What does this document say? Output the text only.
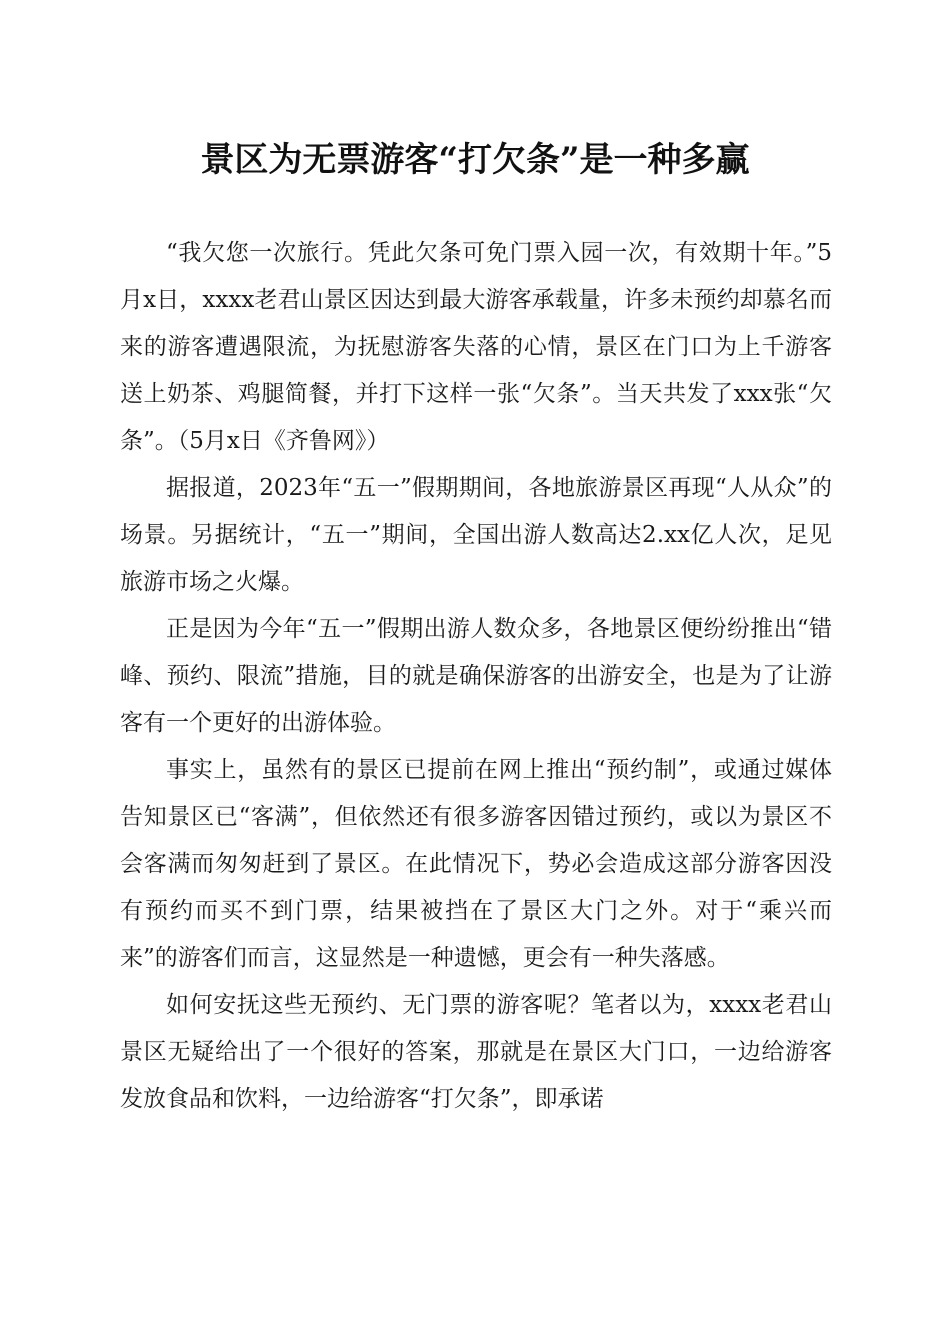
景区为无票游客“打欠条”是一种多赢

“我欠您一次旅行。凭此欠条可免门票入园一次，有效期十年。”5月x日，xxxx老君山景区因达到最大游客承载量，许多未预约却慕名而来的游客遭遇限流，为抚慰游客失落的心情，景区在门口为上千游客送上奶茶、鸡腿简餐，并打下这样一张“欠条”。当天共发了xxx张“欠条”。（5月x日《齐鲁网》）

据报道，2023年“五一”假期期间，各地旅游景区再现“人从众”的场景。另据统计，“五一”期间，全国出游人数高达2.xx亿人次，足见旅游市场之火爆。

正是因为今年“五一”假期出游人数众多，各地景区便纷纷推出“错峰、预约、限流”措施，目的就是确保游客的出游安全，也是为了让游客有一个更好的出游体验。

事实上，虽然有的景区已提前在网上推出“预约制”，或通过媒体告知景区已“客满”，但依然还有很多游客因错过预约，或以为景区不会客满而匆匆赶到了景区。在此情况下，势必会造成这部分游客因没有预约而买不到门票，结果被挡在了景区大门之外。对于“乘兴而来”的游客们而言，这显然是一种遗憾，更会有一种失落感。

如何安抚这些无预约、无门票的游客呢？笔者以为，xxxx老君山景区无疑给出了一个很好的答案，那就是在景区大门口，一边给游客发放食品和饮料，一边给游客“打欠条”，即承诺
